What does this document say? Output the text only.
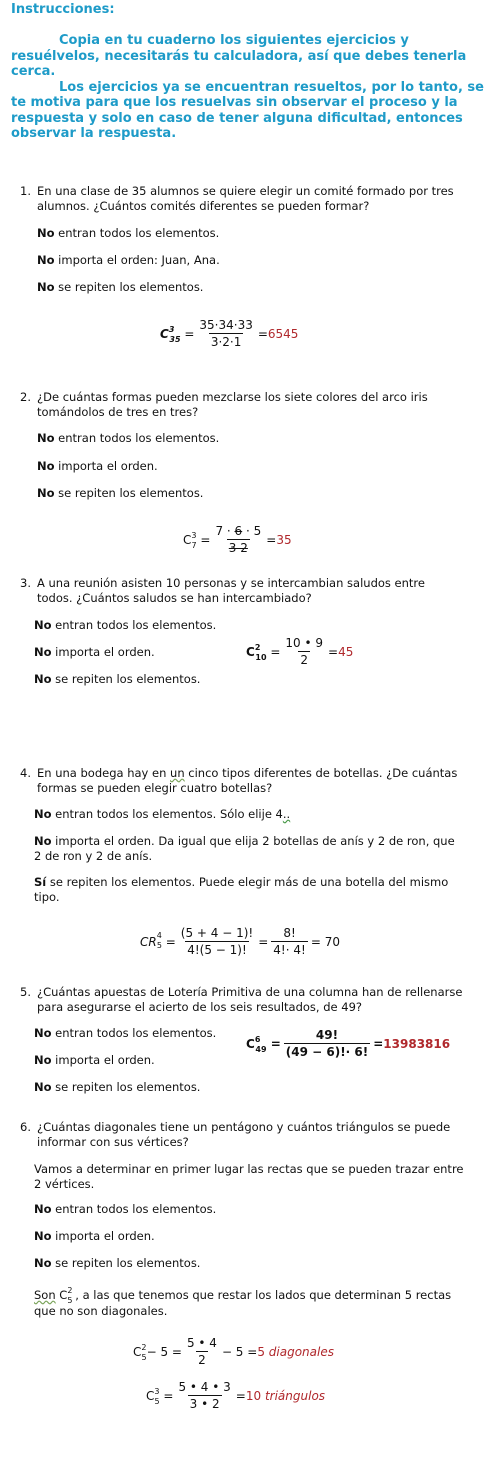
Instrucciones:

Copia en tu cuaderno los siguientes ejercicios y resuélvelos, necesitarás tu calculadora, así que debes tenerla cerca.

Los ejercicios ya se encuentran resueltos, por lo tanto, se te motiva para que los resuelvas sin observar el proceso y la respuesta y solo en caso de tener alguna dificultad, entonces observar la respuesta.

1. En una clase de 35 alumnos se quiere elegir un comité formado por tres alumnos. ¿Cuántos comités diferentes se pueden formar?
No entran todos los elementos.
No importa el orden: Juan, Ana.
No se repiten los elementos.
$C^3_{35} = \frac{35\cdot 34\cdot 33}{3\cdot 2\cdot 1} = 6545$
2. ¿De cuántas formas pueden mezclarse los siete colores del arco iris tomándolos de tres en tres?
No entran todos los elementos.
No importa el orden.
No se repiten los elementos.
$C^3_7 = \frac{7 \cdot 6 \cdot 5}{3 2} = 35$
3. A una reunión asisten 10 personas y se intercambian saludos entre todos. ¿Cuántos saludos se han intercambiado?
No entran todos los elementos.
No importa el orden.
No se repiten los elementos.
$C^2_{10} = \frac{10 • 9}{2} = 45$
4. En una bodega hay en un cinco tipos diferentes de botellas. ¿De cuántas formas se pueden elegir cuatro botellas?
No entran todos los elementos. Sólo elije 4..
No importa el orden. Da igual que elija 2 botellas de anís y 2 de ron, que 2 de ron y 2 de anís.
Sí se repiten los elementos. Puede elegir más de una botella del mismo tipo.
CR 4
$5 = \frac{(5 + 4 - 1)!}{4!(5 - 1)!} = \frac{8!}{4!\cdot 4!} = 70$
5. ¿Cuántas apuestas de Lotería Primitiva de una columna han de rellenarse para asegurarse el acierto de los seis resultados, de 49?
No entran todos los elementos.
No importa el orden.
No se repiten los elementos.
$C^6_{49} = \frac{49!}{(49 - 6)!\cdot 6!} = 13983816$
6. ¿Cuántas diagonales tiene un pentágono y cuántos triángulos se puede informar con sus vértices?
Vamos a determinar en primer lugar las rectas que se pueden trazar entre 2 vértices.
No entran todos los elementos.
No importa el orden.
No se repiten los elementos.
Son $C^2_5$ , a las que tenemos que restar los lados que determinan 5 rectas que no son diagonales.
$C^2_5 - 5 = \frac{5 • 4}{2} - 5 = 5$
diagonales
$C^3_5 = \frac{5 • 4 • 3}{3 • 2} = 10$
triángulos
